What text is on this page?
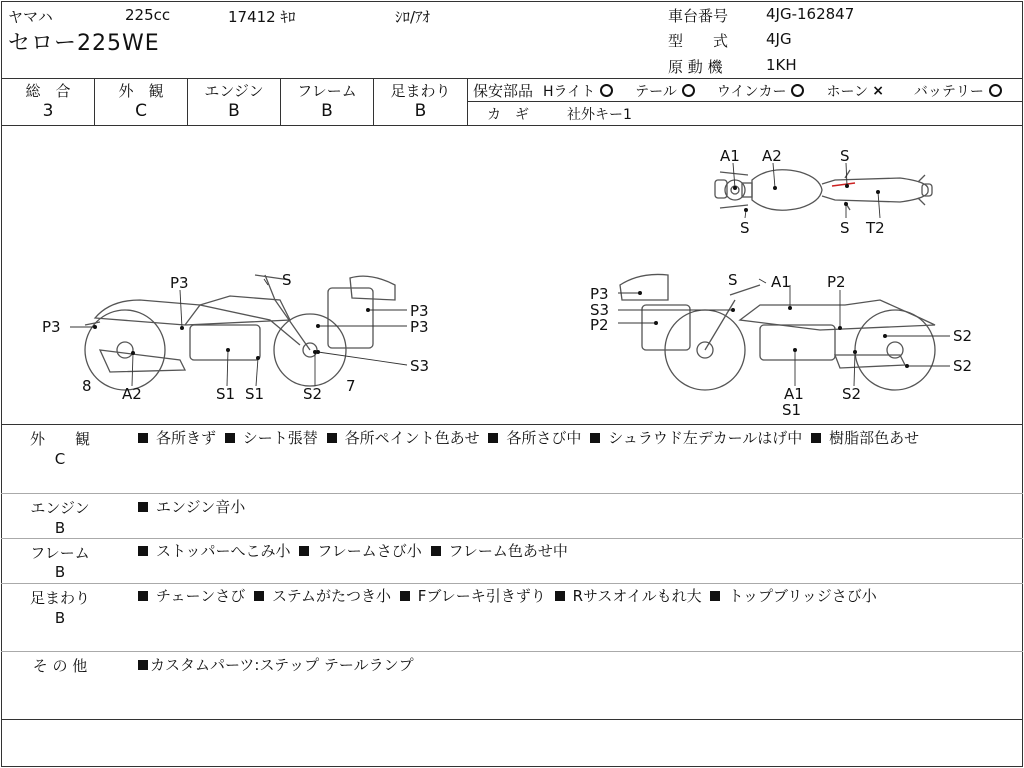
ヤマハ	225cc	17412 ｷﾛ	ｼﾛ/ｱｵ
セロー225WE
車台番号	4JG-162847
型　　式	4JG
原 動 機	1KH
総　合	外　観	エンジン	フレーム	足まわり
3	C	B	B	B
保安部品 Hライト	テール	ウインカー	ホーン × バッテリー
カ　ギ	社外キー1
A1 A2	S
S	S T2
P3	S
P3
P3
P3
S3
8 A2	S1 S1	S2 7
P3
S A1 P2
S3
P2
S2
S2
A1
S1
S2
外　　観
C
各所きず シート張替 各所ペイント色あせ 各所さび中 シュラウド左デカールはげ中 樹脂部色あせ
エンジン
B
エンジン音小
フレーム
B
ストッパーへこみ小 フレームさび小 フレーム色あせ中
足まわり
B
チェーンさび ステムがたつき小 Fブレーキ引きずり Rサスオイルもれ大 トップブリッジさび小
そ の 他	カスタムパーツ:ステップ テールランプ
